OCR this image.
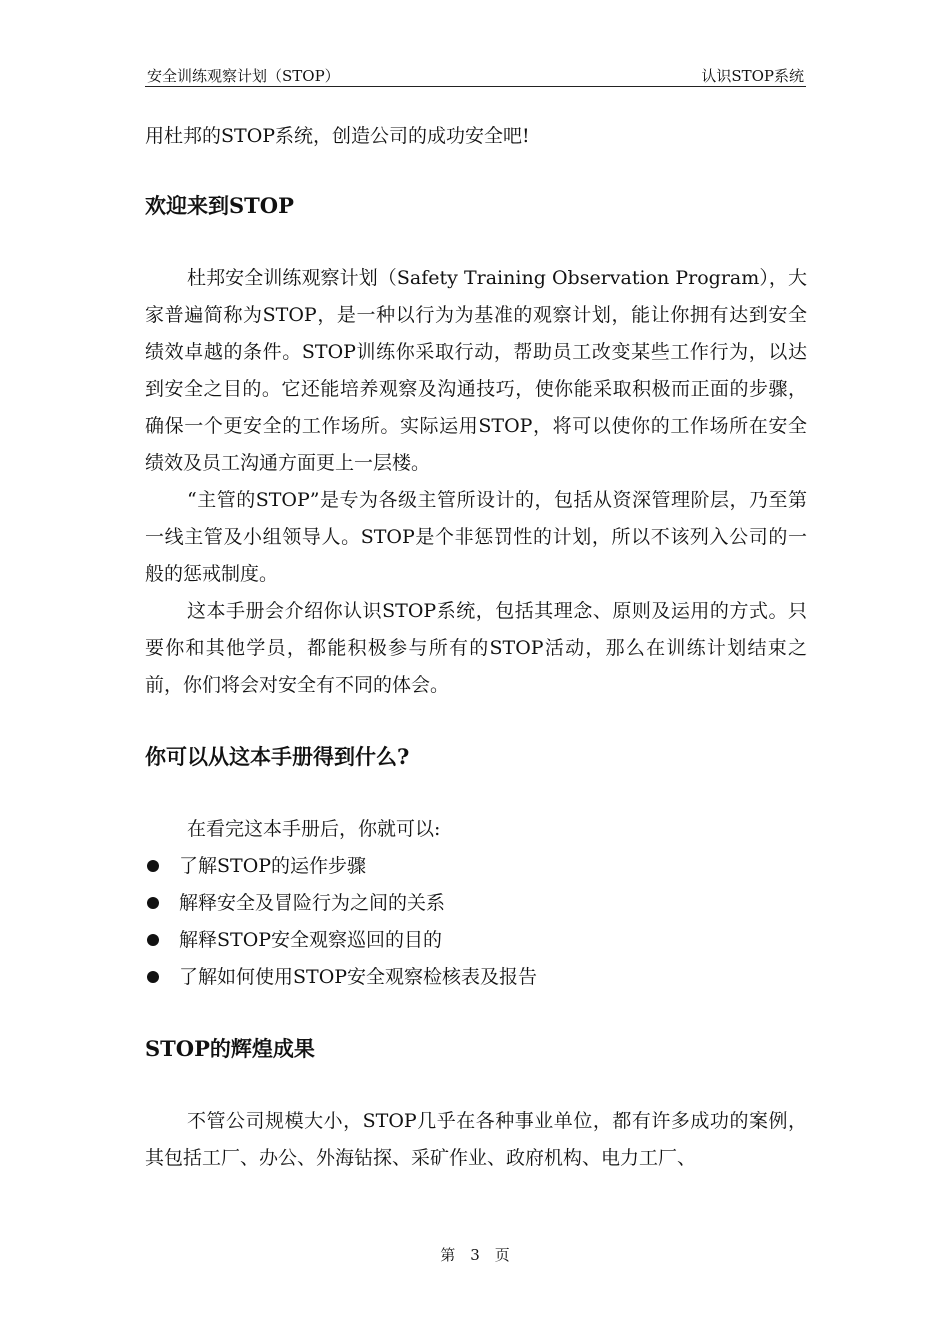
安全训练观察计划（STOP）	认识STOP系统

用杜邦的STOP系统，创造公司的成功安全吧!

欢迎来到STOP

杜邦安全训练观察计划（Safety Training Observation Program），大家普遍简称为STOP，是一种以行为为基准的观察计划，能让你拥有达到安全绩效卓越的条件。STOP训练你采取行动，帮助员工改变某些工作行为，以达到安全之目的。它还能培养观察及沟通技巧，使你能采取积极而正面的步骤，确保一个更安全的工作场所。实际运用STOP，将可以使你的工作场所在安全绩效及员工沟通方面更上一层楼。

“主管的STOP”是专为各级主管所设计的，包括从资深管理阶层，乃至第一线主管及小组领导人。STOP是个非惩罚性的计划，所以不该列入公司的一般的惩戒制度。

这本手册会介绍你认识STOP系统，包括其理念、原则及运用的方式。只要你和其他学员，都能积极参与所有的STOP活动，那么在训练计划结束之前，你们将会对安全有不同的体会。

你可以从这本手册得到什么?

在看完这本手册后，你就可以:

了解STOP的运作步骤
解释安全及冒险行为之间的关系
解释STOP安全观察巡回的目的
了解如何使用STOP安全观察检核表及报告
STOP的辉煌成果

不管公司规模大小，STOP几乎在各种事业单位，都有许多成功的案例，其包括工厂、办公、外海钻探、采矿作业、政府机构、电力工厂、

第　3　页
